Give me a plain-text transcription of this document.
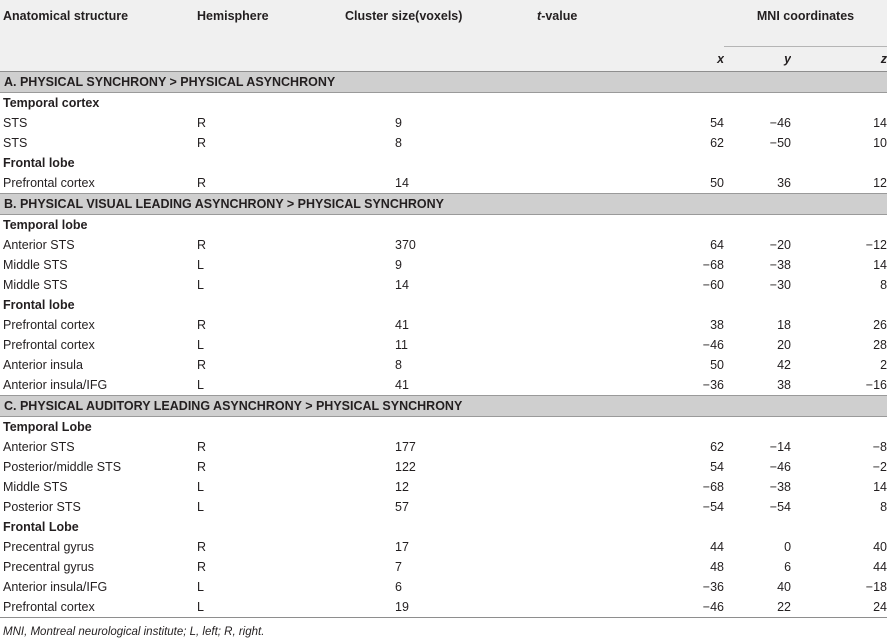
Anatomical structure	Hemisphere	Cluster size(voxels)		t-value	MNI coordinates	
				x	y	z
A. PHYSICAL SYNCHRONY > PHYSICAL ASYNCHRONY						
Temporal cortex						
STS	R	9		54	−46	14
STS	R	8		62	−50	10
Frontal lobe						
Prefrontal cortex	R	14		50	36	12
B. PHYSICAL VISUAL LEADING ASYNCHRONY > PHYSICAL SYNCHRONY						
Temporal lobe						
Anterior STS	R	370		64	−20	−12
Middle STS	L	9		−68	−38	14
Middle STS	L	14		−60	−30	8
Frontal lobe						
Prefrontal cortex	R	41		38	18	26
Prefrontal cortex	L	11		−46	20	28
Anterior insula	R	8		50	42	2
Anterior insula/IFG	L	41		−36	38	−16
C. PHYSICAL AUDITORY LEADING ASYNCHRONY > PHYSICAL SYNCHRONY						
Temporal Lobe						
Anterior STS	R	177		62	−14	−8
Posterior/middle STS	R	122		54	−46	−2
Middle STS	L	12		−68	−38	14
Posterior STS	L	57		−54	−54	8
Frontal Lobe						
Precentral gyrus	R	17		44	0	40
Precentral gyrus	R	7		48	6	44
Anterior insula/IFG	L	6		−36	40	−18
Prefrontal cortex	L	19		−46	22	24
MNI, Montreal neurological institute; L, left; R, right.
